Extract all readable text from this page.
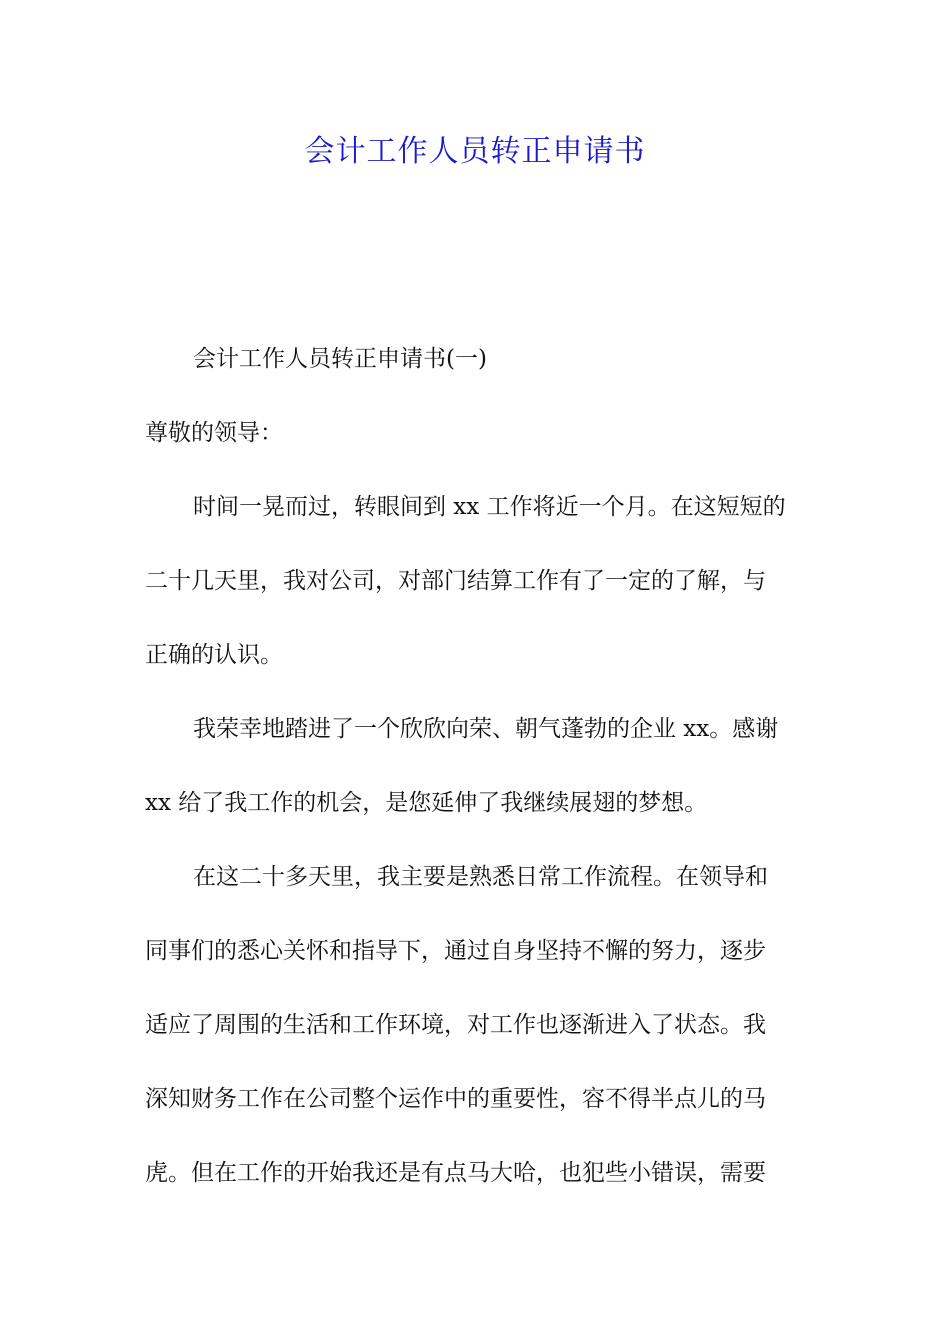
会计工作人员转正申请书
会计工作人员转正申请书(一)
尊敬的领导：
时间一晃而过，转眼间到 xx 工作将近一个月。在这短短的
二十几天里，我对公司，对部门结算工作有了一定的了解，与
正确的认识。
我荣幸地踏进了一个欣欣向荣、朝气蓬勃的企业 xx。感谢
xx 给了我工作的机会，是您延伸了我继续展翅的梦想。
在这二十多天里，我主要是熟悉日常工作流程。在领导和
同事们的悉心关怀和指导下，通过自身坚持不懈的努力，逐步
适应了周围的生活和工作环境，对工作也逐渐进入了状态。我
深知财务工作在公司整个运作中的重要性，容不得半点儿的马
虎。但在工作的开始我还是有点马大哈，也犯些小错误，需要
